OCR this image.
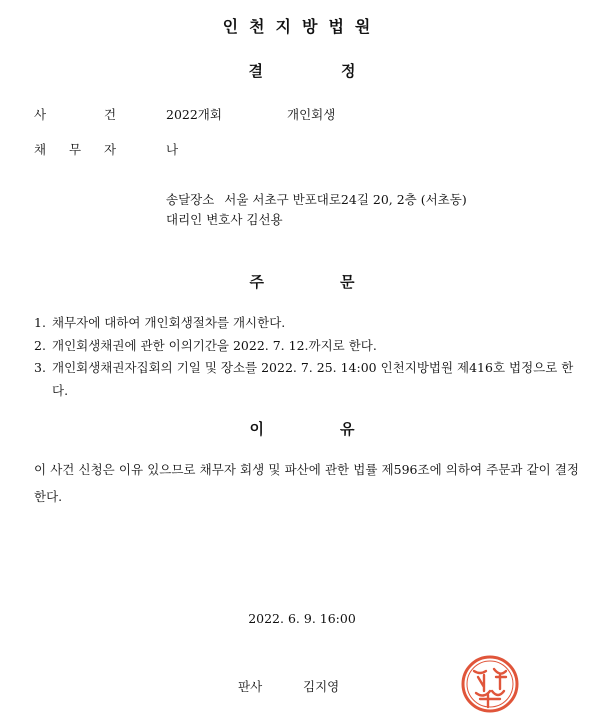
인천지방법원
결	정
사	건	2022개회	개인회생
채 무 자	나
송달장소 서울 서초구 반포대로24길 20, 2층 (서초동)
대리인 변호사 김선용
주	문
1. 채무자에 대하여 개인회생절차를 개시한다.
2. 개인회생채권에 관한 이의기간을 2022. 7. 12.까지로 한다.
3. 개인회생채권자집회의 기일 및 장소를 2022. 7. 25. 14:00 인천지방법원 제416호 법정으로 한다.
이	유
이 사건 신청은 이유 있으므로 채무자 회생 및 파산에 관한 법률 제596조에 의하여 주문과 같이 결정한다.
2022. 6. 9. 16:00
판사	김지영
